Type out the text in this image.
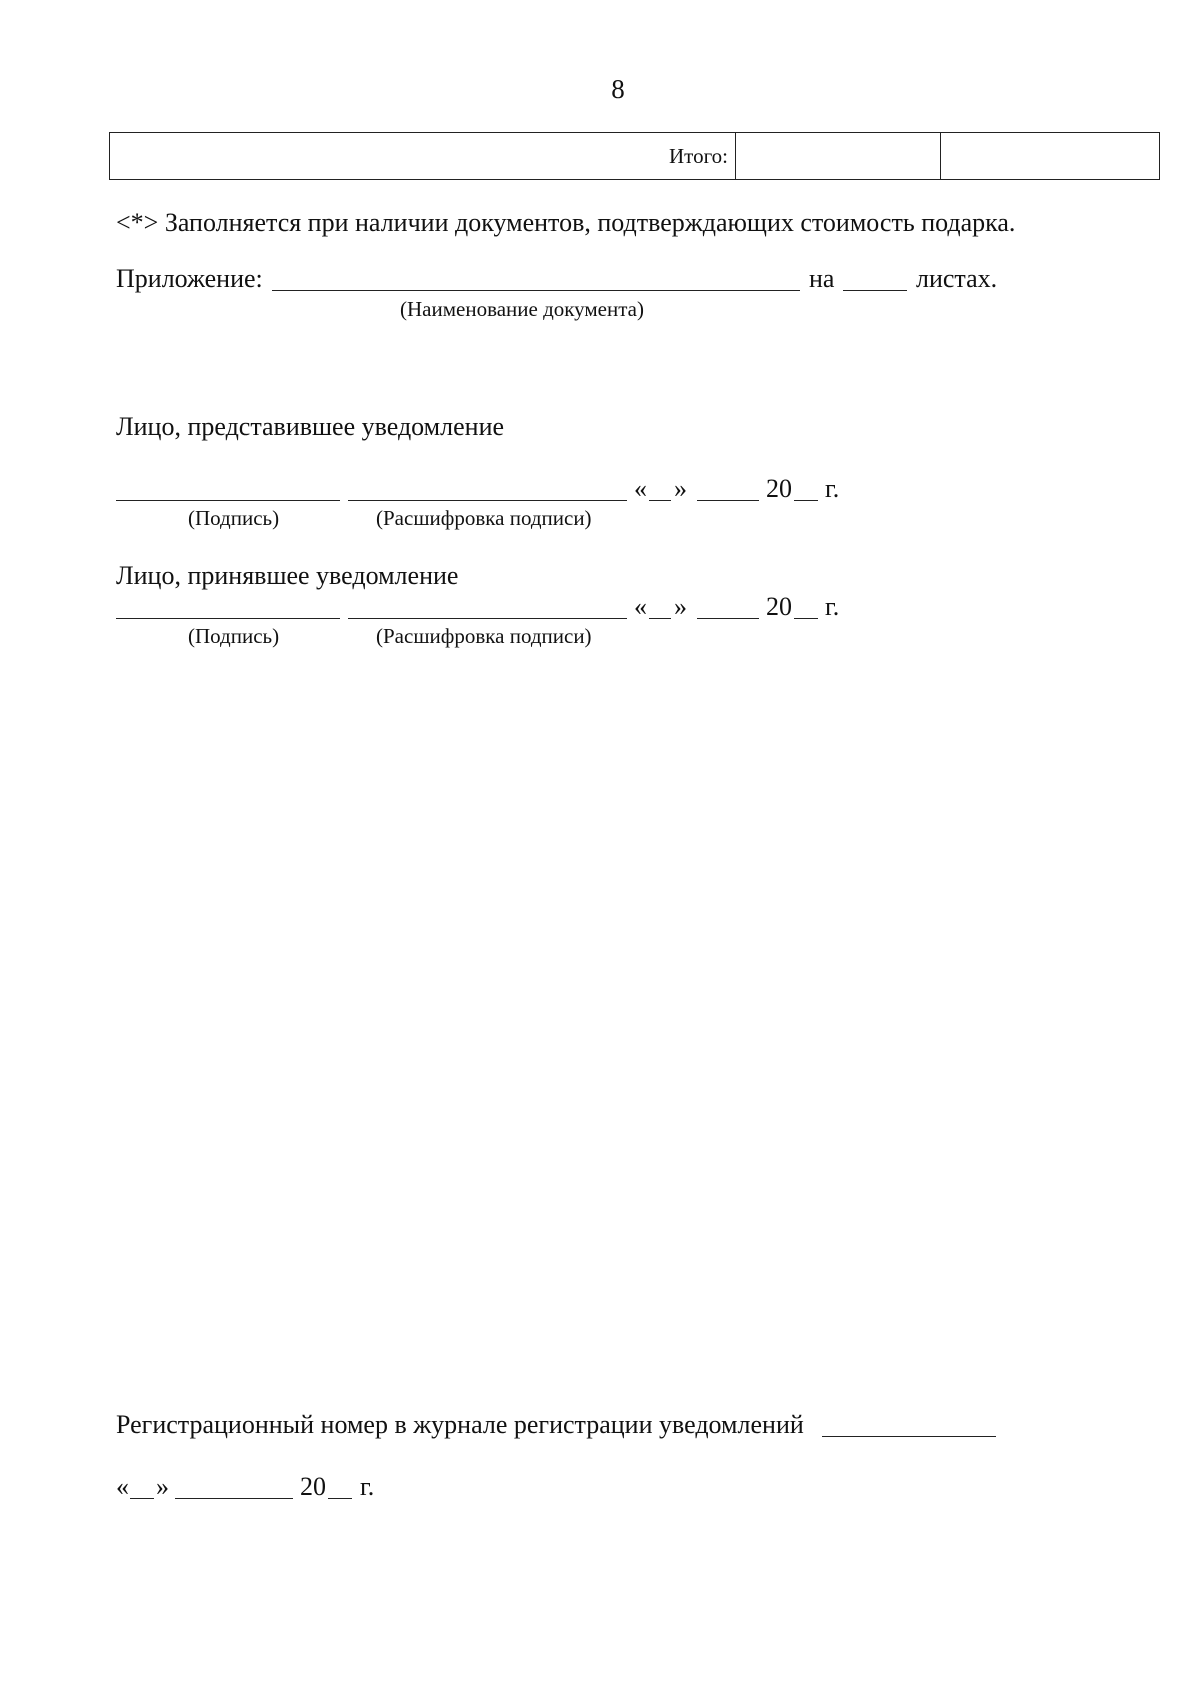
8
Итого:		
<*> Заполняется при наличии документов, подтверждающих стоимость подарка.
Приложение:	на	листах.
(Наименование документа)
Лицо, представившее уведомление
« »	20 г.
(Подпись)	(Расшифровка подписи)
Лицо, принявшее уведомление
« »	20 г.
(Подпись)	(Расшифровка подписи)
Регистрационный номер в журнале регистрации уведомлений
« »	20 г.
